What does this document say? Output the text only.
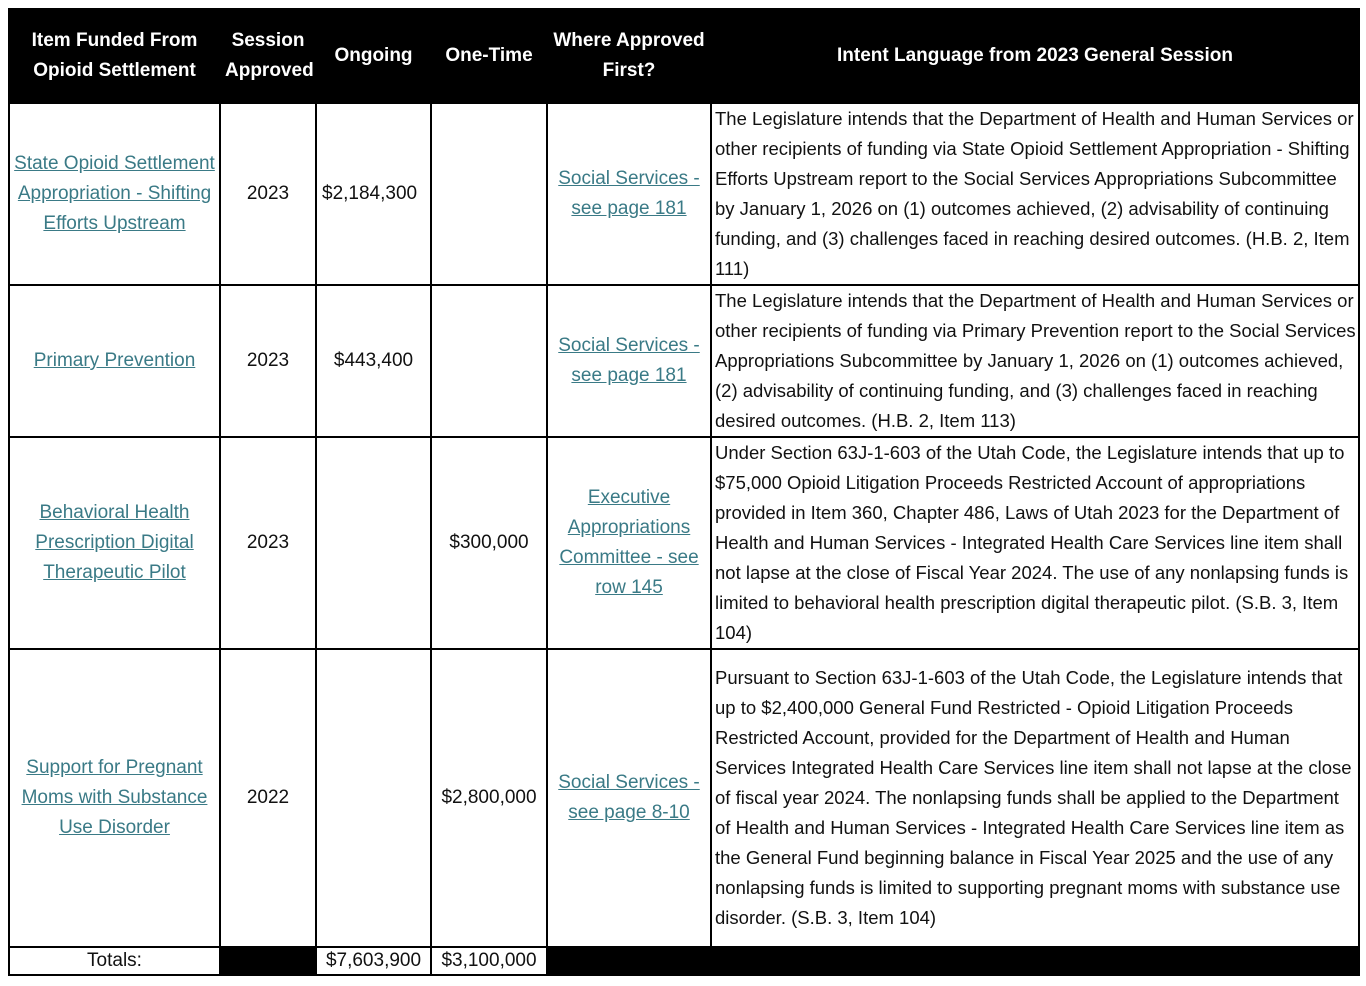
Item Funded From Opioid Settlement	Session Approved	Ongoing	One-Time	Where Approved First?	Intent Language from 2023 General Session
State Opioid Settlement Appropriation - Shifting Efforts Upstream	2023	$2,184,300		Social Services - see page 181	The Legislature intends that the Department of Health and Human Services or other recipients of funding via State Opioid Settlement Appropriation - Shifting Efforts Upstream report to the Social Services Appropriations Subcommittee by January 1, 2026 on (1) outcomes achieved, (2) advisability of continuing funding, and (3) challenges faced in reaching desired outcomes. (H.B. 2, Item 111)
Primary Prevention	2023	$443,400		Social Services - see page 181	The Legislature intends that the Department of Health and Human Services or other recipients of funding via Primary Prevention report to the Social Services Appropriations Subcommittee by January 1, 2026 on (1) outcomes achieved, (2) advisability of continuing funding, and (3) challenges faced in reaching desired outcomes. (H.B. 2, Item 113)
Behavioral Health Prescription Digital Therapeutic Pilot	2023		$300,000	Executive Appropriations Committee - see row 145	Under Section 63J-1-603 of the Utah Code, the Legislature intends that up to $75,000 Opioid Litigation Proceeds Restricted Account of appropriations provided in Item 360, Chapter 486, Laws of Utah 2023 for the Department of Health and Human Services - Integrated Health Care Services line item shall not lapse at the close of Fiscal Year 2024. The use of any nonlapsing funds is limited to behavioral health prescription digital therapeutic pilot. (S.B. 3, Item 104)
Support for Pregnant Moms with Substance Use Disorder	2022		$2,800,000	Social Services - see page 8-10	Pursuant to Section 63J-1-603 of the Utah Code, the Legislature intends that up to $2,400,000 General Fund Restricted - Opioid Litigation Proceeds Restricted Account, provided for the Department of Health and Human Services Integrated Health Care Services line item shall not lapse at the close of fiscal year 2024. The nonlapsing funds shall be applied to the Department of Health and Human Services - Integrated Health Care Services line item as the General Fund beginning balance in Fiscal Year 2025 and the use of any nonlapsing funds is limited to supporting pregnant moms with substance use disorder. (S.B. 3, Item 104)
Totals:		$7,603,900	$3,100,000		
